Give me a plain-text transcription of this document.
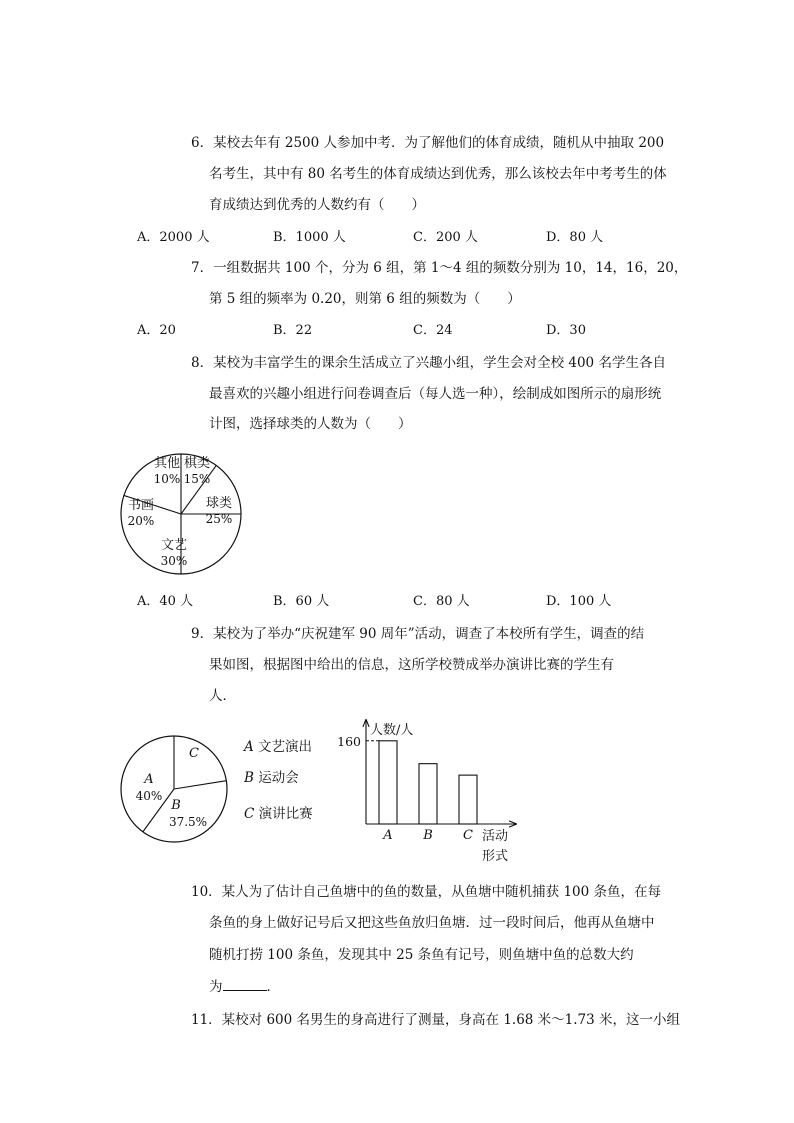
6．某校去年有 2500 人参加中考．为了解他们的体育成绩，随机从中抽取 200
名考生，其中有 80 名考生的体育成绩达到优秀，那么该校去年中考考生的体
育成绩达到优秀的人数约有（　　）
A．2000 人	B．1000 人	C．200 人	D．80 人
7．一组数据共 100 个，分为 6 组，第 1～4 组的频数分别为 10，14，16，20，
第 5 组的频率为 0.20，则第 6 组的频数为（　　）
A．20	B．22	C．24	D．30
8．某校为丰富学生的课余生活成立了兴趣小组，学生会对全校 400 名学生各自
最喜欢的兴趣小组进行问卷调查后（每人选一种），绘制成如图所示的扇形统
计图，选择球类的人数为（　　）
其他
10%
棋类
15%
球类
25%
文艺
30%
书画
20%
A．40 人	B．60 人	C．80 人	D．100 人
9．某校为了举办“庆祝建军 90 周年”活动，调查了本校所有学生，调查的结
果如图，根据图中给出的信息，这所学校赞成举办演讲比赛的学生有
人．
A
40%
B
37.5%
C	A 文艺演出
B 运动会
C 演讲比赛
人数/人
活动
形式
A B C
160
10．某人为了估计自己鱼塘中的鱼的数量，从鱼塘中随机捕获 100 条鱼，在每
条鱼的身上做好记号后又把这些鱼放归鱼塘．过一段时间后，他再从鱼塘中
随机打捞 100 条鱼，发现其中 25 条鱼有记号，则鱼塘中鱼的总数大约
为	．
11．某校对 600 名男生的身高进行了测量，身高在 1.68 米～1.73 米，这一小组
